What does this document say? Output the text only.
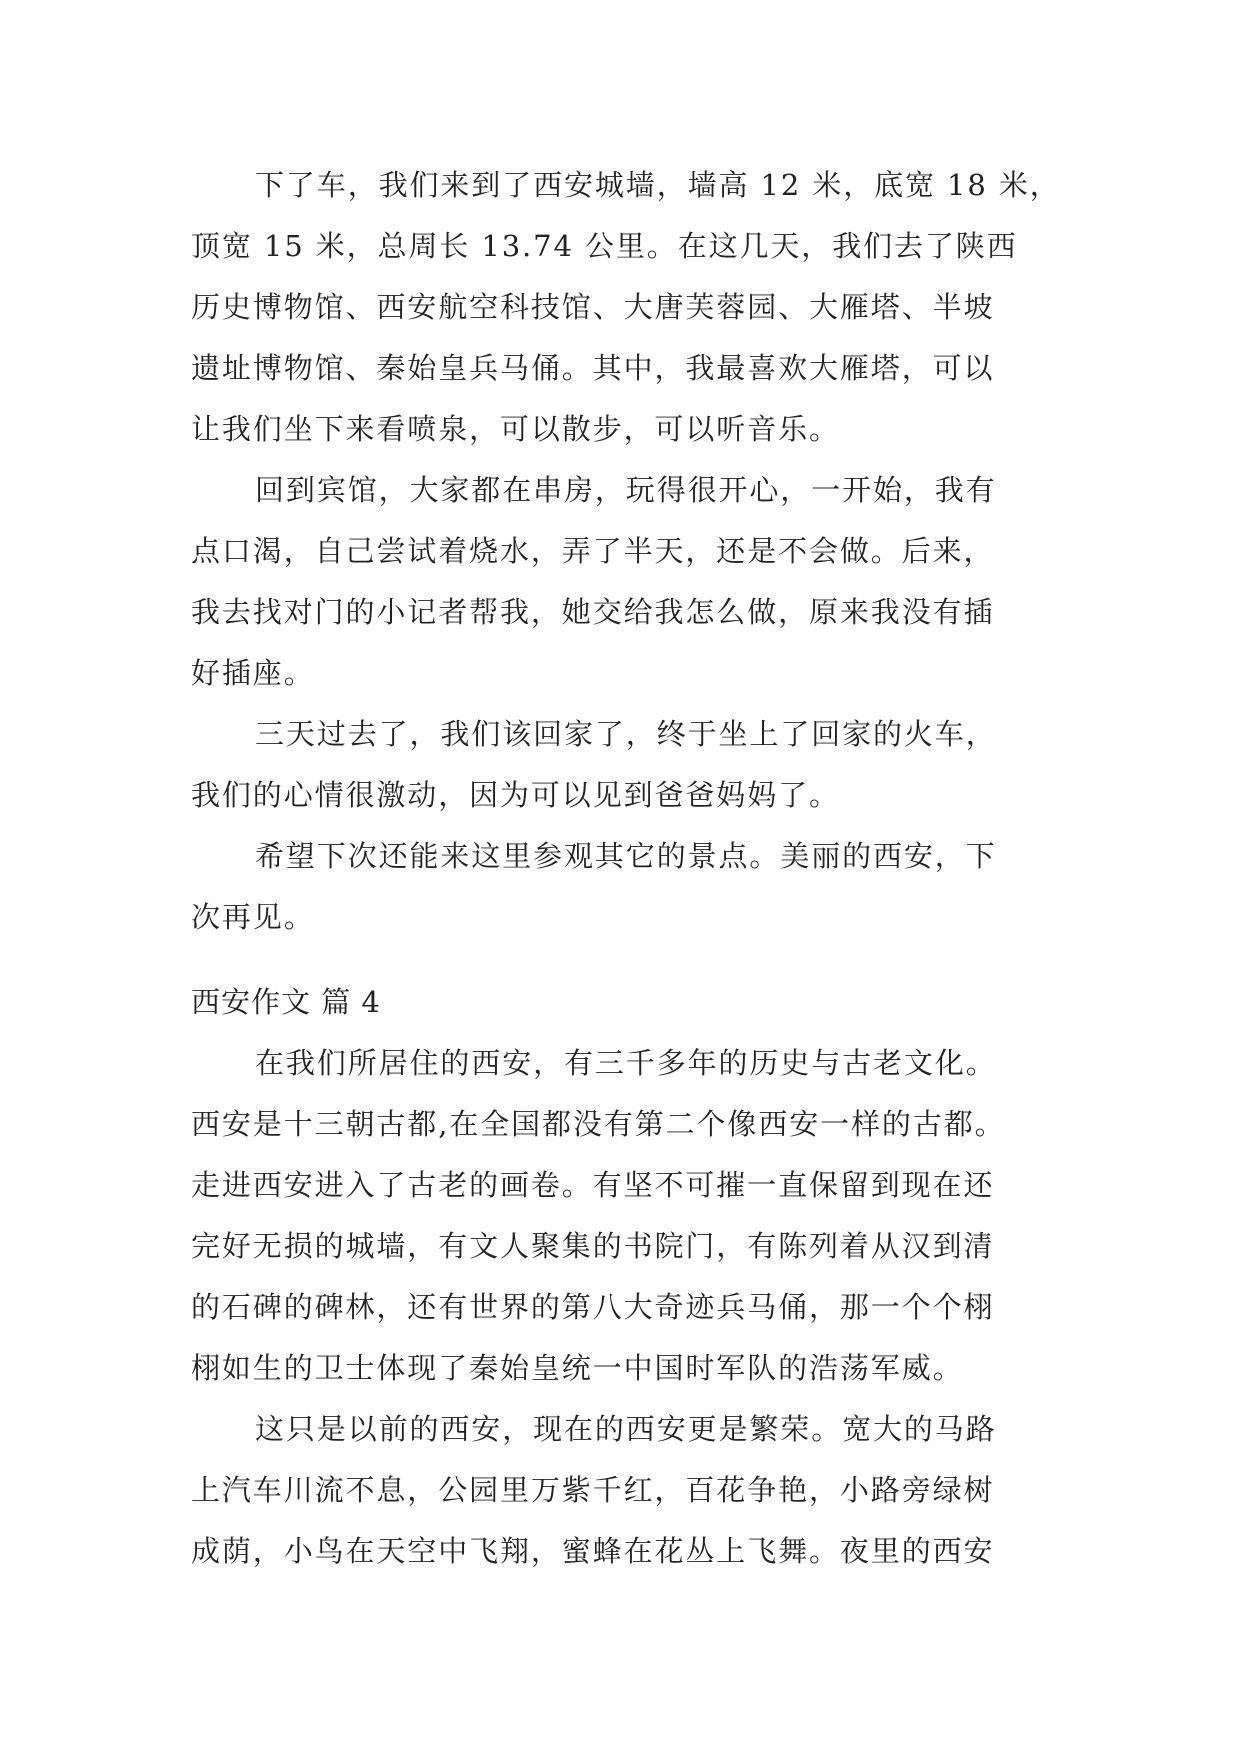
下了车，我们来到了西安城墙，墙高 12 米，底宽 18 米，
顶宽 15 米，总周长 13.74 公里。在这几天，我们去了陕西
历史博物馆、西安航空科技馆、大唐芙蓉园、大雁塔、半坡
遗址博物馆、秦始皇兵马俑。其中，我最喜欢大雁塔，可以
让我们坐下来看喷泉，可以散步，可以听音乐。
回到宾馆，大家都在串房，玩得很开心，一开始，我有
点口渴，自己尝试着烧水，弄了半天，还是不会做。后来，
我去找对门的小记者帮我，她交给我怎么做，原来我没有插
好插座。
三天过去了，我们该回家了，终于坐上了回家的火车，
我们的心情很激动，因为可以见到爸爸妈妈了。
希望下次还能来这里参观其它的景点。美丽的西安，下
次再见。
西安作文 篇 4
在我们所居住的西安，有三千多年的历史与古老文化。
西安是十三朝古都,在全国都没有第二个像西安一样的古都。
走进西安进入了古老的画卷。有坚不可摧一直保留到现在还
完好无损的城墙，有文人聚集的书院门，有陈列着从汉到清
的石碑的碑林，还有世界的第八大奇迹兵马俑，那一个个栩
栩如生的卫士体现了秦始皇统一中国时军队的浩荡军威。
这只是以前的西安，现在的西安更是繁荣。宽大的马路
上汽车川流不息，公园里万紫千红，百花争艳，小路旁绿树
成荫，小鸟在天空中飞翔，蜜蜂在花丛上飞舞。夜里的西安
